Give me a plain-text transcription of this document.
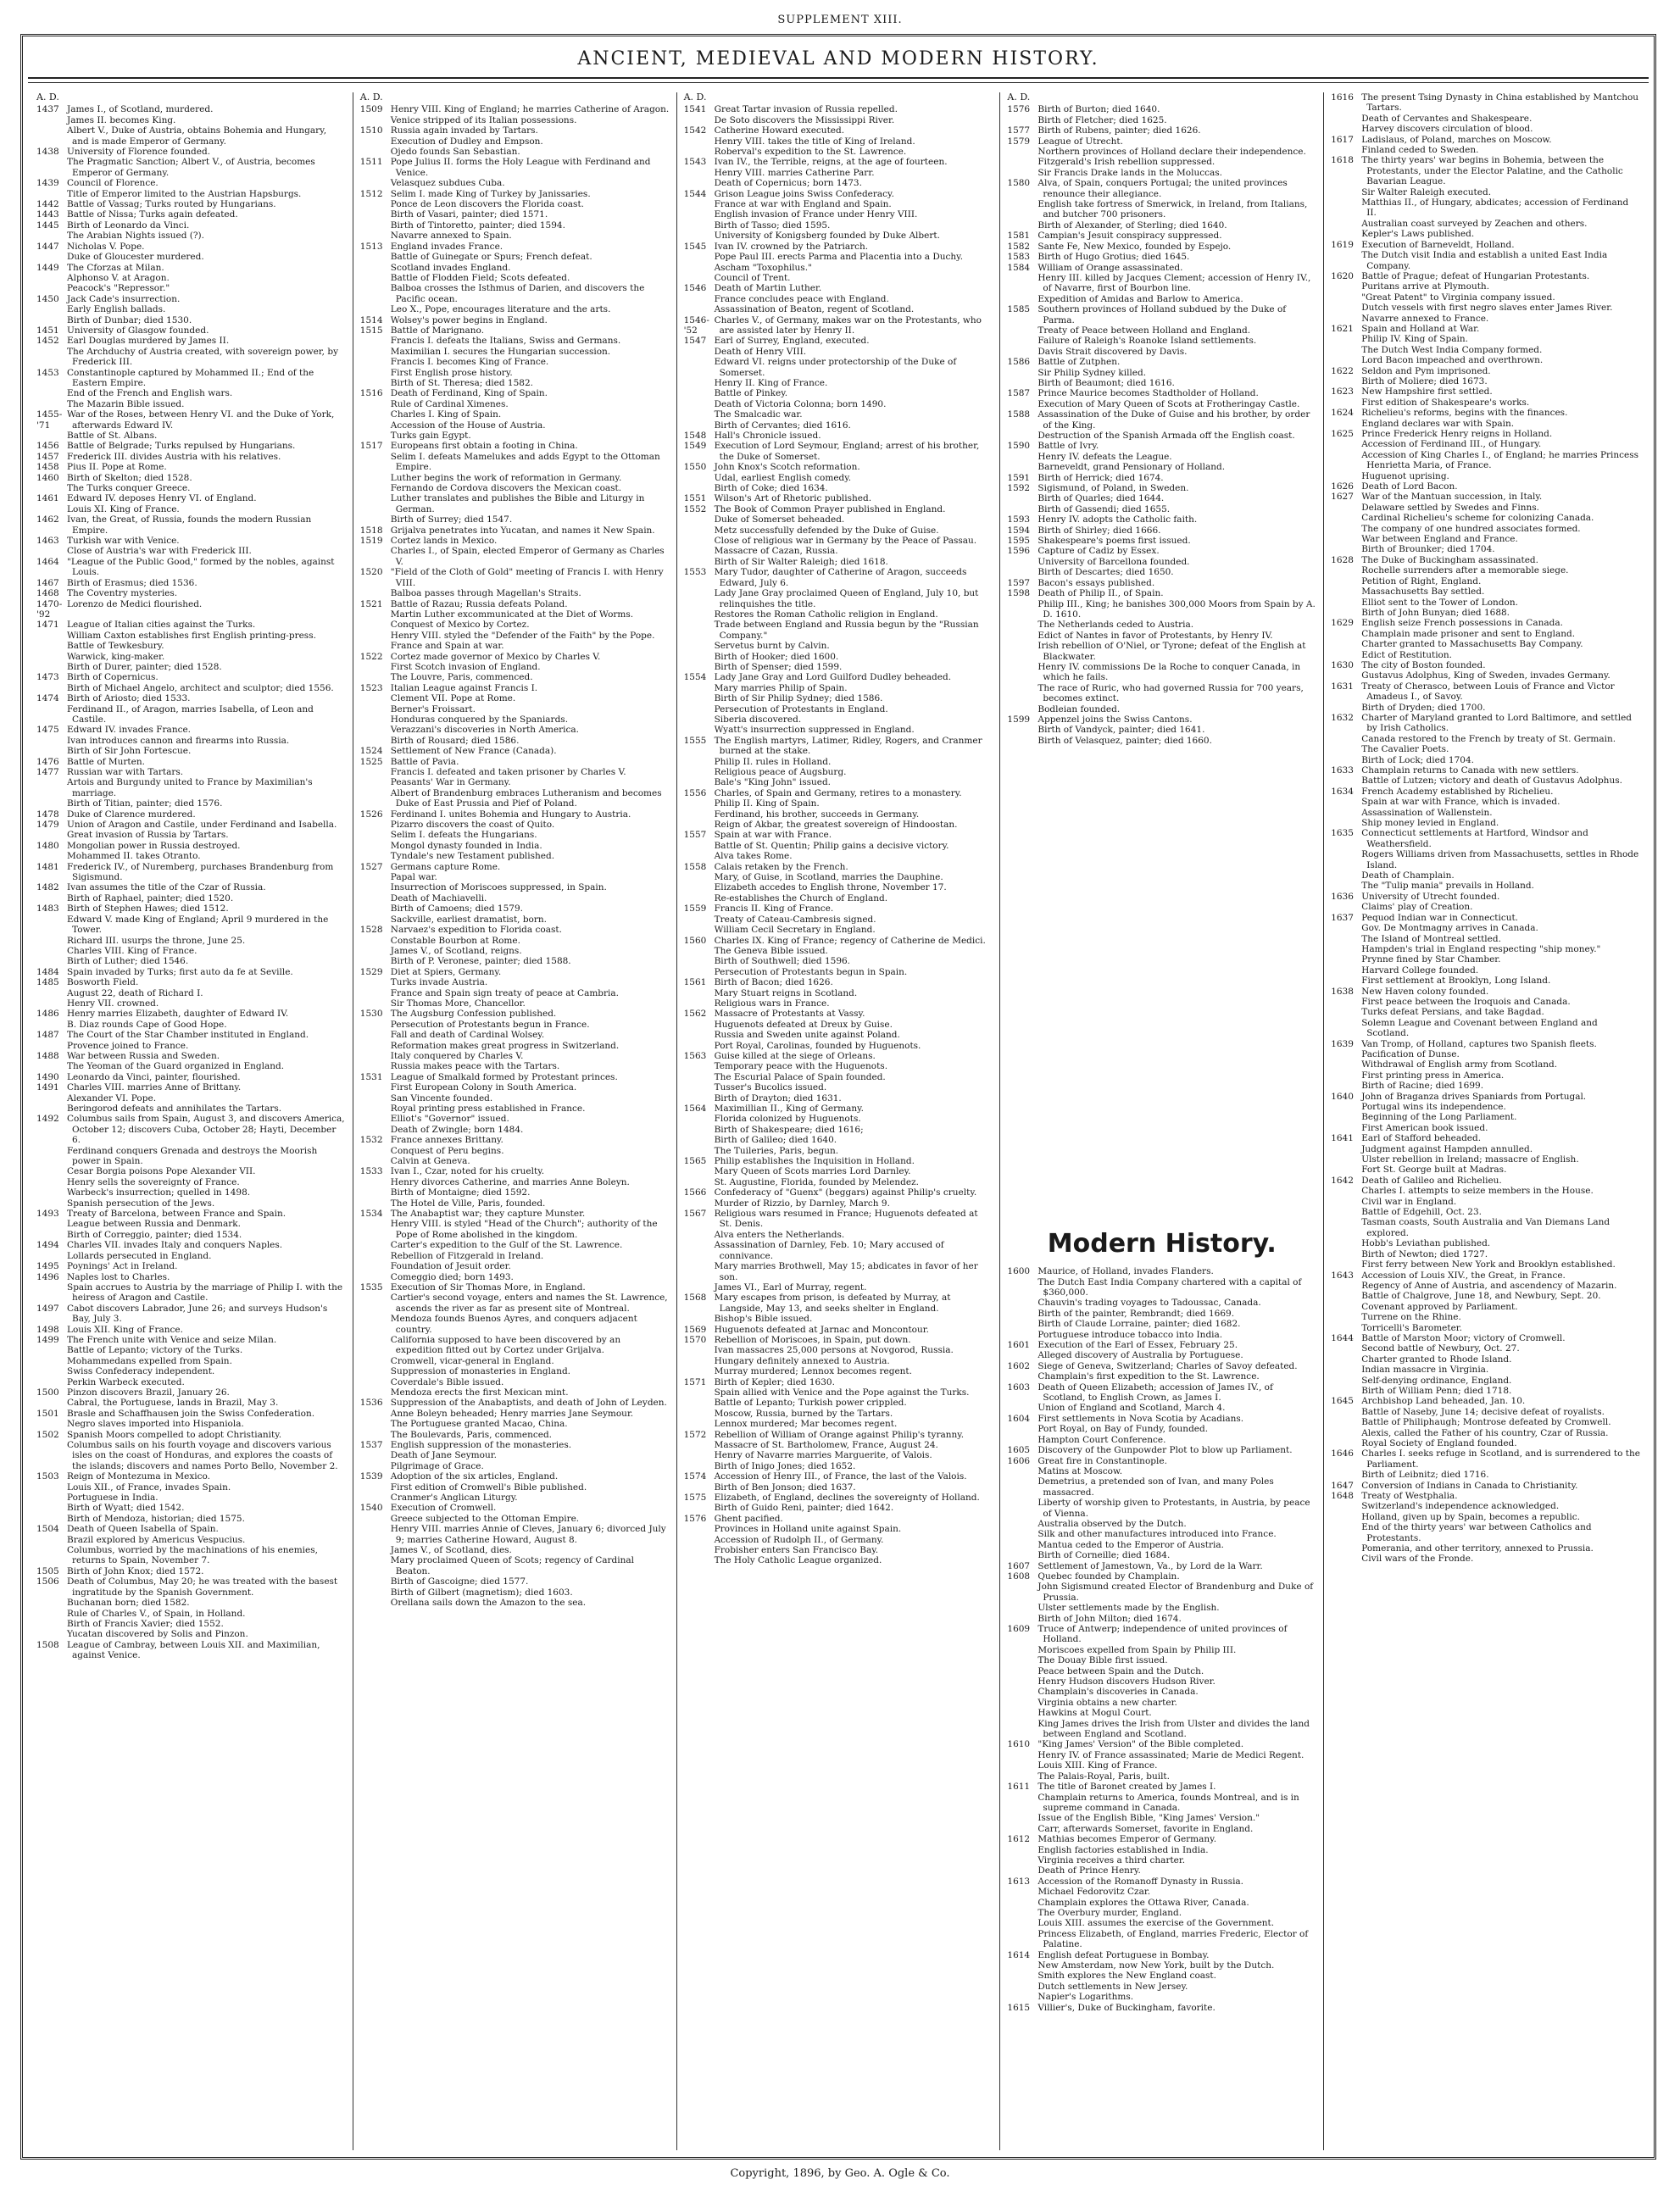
SUPPLEMENT XIII.
ANCIENT, MEDIEVAL AND MODERN HISTORY.
A. D.
1437 James I., of Scotland, murdered.
James II. becomes King.
Albert V., Duke of Austria, obtains Bohemia and Hungary, and is made Emperor of Germany.
1438 University of Florence founded.
The Pragmatic Sanction; Albert V., of Austria, becomes Emperor of Germany.
1439 Council of Florence.
Title of Emperor limited to the Austrian Hapsburgs.
1442 Battle of Vassag; Turks routed by Hungarians.
1443 Battle of Nissa; Turks again defeated.
1445 Birth of Leonardo da Vinci.
The Arabian Nights issued (?).
1447 Nicholas V. Pope.
Duke of Gloucester murdered.
1449 The Cforzas at Milan.
Alphonso V. at Aragon.
Peacock's "Repressor."
1450 Jack Cade's insurrection.
Early English ballads.
Birth of Dunbar; died 1530.
1451 University of Glasgow founded.
1452 Earl Douglas murdered by James II.
The Archduchy of Austria created, with sovereign power, by Frederick III.
1453 Constantinople captured by Mohammed II.; End of the Eastern Empire.
End of the French and English wars.
The Mazarin Bible issued.
1455-'71
War of the Roses, between Henry VI. and the Duke of York, afterwards Edward IV.
Battle of St. Albans.
1456 Battle of Belgrade; Turks repulsed by Hungarians.
1457 Frederick III. divides Austria with his relatives.
1458 Pius II. Pope at Rome.
1460 Birth of Skelton; died 1528.
The Turks conquer Greece.
1461 Edward IV. deposes Henry VI. of England.
Louis XI. King of France.
1462 Ivan, the Great, of Russia, founds the modern Russian Empire.
1463 Turkish war with Venice.
Close of Austria's war with Frederick III.
1464 "League of the Public Good," formed by the nobles, against Louis.
1467 Birth of Erasmus; died 1536.
1468 The Coventry mysteries.
1470-'92
Lorenzo de Medici flourished.
1471 League of Italian cities against the Turks.
William Caxton establishes first English printing-press.
Battle of Tewkesbury.
Warwick, king-maker.
Birth of Durer, painter; died 1528.
1473 Birth of Copernicus.
Birth of Michael Angelo, architect and sculptor; died 1556.
1474 Birth of Ariosto; died 1533.
Ferdinand II., of Aragon, marries Isabella, of Leon and Castile.
1475 Edward IV. invades France.
Ivan introduces cannon and firearms into Russia.
Birth of Sir John Fortescue.
1476 Battle of Murten.
1477 Russian war with Tartars.
Artois and Burgundy united to France by Maximilian's marriage.
Birth of Titian, painter; died 1576.
1478 Duke of Clarence murdered.
1479 Union of Aragon and Castile, under Ferdinand and Isabella.
Great invasion of Russia by Tartars.
1480 Mongolian power in Russia destroyed.
Mohammed II. takes Otranto.
1481 Frederick IV., of Nuremberg, purchases Brandenburg from Sigismund.
1482 Ivan assumes the title of the Czar of Russia.
Birth of Raphael, painter; died 1520.
1483 Birth of Stephen Hawes; died 1512.
Edward V. made King of England; April 9 murdered in the Tower.
Richard III. usurps the throne, June 25.
Charles VIII. King of France.
Birth of Luther; died 1546.
1484 Spain invaded by Turks; first auto da fe at Seville.
1485 Bosworth Field.
August 22, death of Richard I.
Henry VII. crowned.
1486 Henry marries Elizabeth, daughter of Edward IV.
B. Diaz rounds Cape of Good Hope.
1487 The Court of the Star Chamber instituted in England.
Provence joined to France.
1488 War between Russia and Sweden.
The Yeoman of the Guard organized in England.
1490 Leonardo da Vinci, painter, flourished.
1491 Charles VIII. marries Anne of Brittany.
Alexander VI. Pope.
Beringorod defeats and annihilates the Tartars.
1492 Columbus sails from Spain, August 3, and discovers America, October 12; discovers Cuba, October 28; Hayti, December 6.
Ferdinand conquers Grenada and destroys the Moorish power in Spain.
Cesar Borgia poisons Pope Alexander VII.
Henry sells the sovereignty of France.
Warbeck's insurrection; quelled in 1498.
Spanish persecution of the Jews.
1493 Treaty of Barcelona, between France and Spain.
League between Russia and Denmark.
Birth of Correggio, painter; died 1534.
1494 Charles VII. invades Italy and conquers Naples.
Lollards persecuted in England.
1495 Poynings' Act in Ireland.
1496 Naples lost to Charles.
Spain accrues to Austria by the marriage of Philip I. with the heiress of Aragon and Castile.
1497 Cabot discovers Labrador, June 26; and surveys Hudson's Bay, July 3.
1498 Louis XII. King of France.
1499 The French unite with Venice and seize Milan.
Battle of Lepanto; victory of the Turks.
Mohammedans expelled from Spain.
Swiss Confederacy independent.
Perkin Warbeck executed.
1500 Pinzon discovers Brazil, January 26.
Cabral, the Portuguese, lands in Brazil, May 3.
1501 Brasle and Schaffhausen join the Swiss Confederation.
Negro slaves imported into Hispaniola.
1502 Spanish Moors compelled to adopt Christianity.
Columbus sails on his fourth voyage and discovers various isles on the coast of Honduras, and explores the coasts of the islands; discovers and names Porto Bello, November 2.
1503 Reign of Montezuma in Mexico.
Louis XII., of France, invades Spain.
Portuguese in India.
Birth of Wyatt; died 1542.
Birth of Mendoza, historian; died 1575.
1504 Death of Queen Isabella of Spain.
Brazil explored by Americus Vespucius.
Columbus, worried by the machinations of his enemies, returns to Spain, November 7.
1505 Birth of John Knox; died 1572.
1506 Death of Columbus, May 20; he was treated with the basest ingratitude by the Spanish Government.
Buchanan born; died 1582.
Rule of Charles V., of Spain, in Holland.
Birth of Francis Xavier; died 1552.
Yucatan discovered by Solis and Pinzon.
1508 League of Cambray, between Louis XII. and Maximilian, against Venice.
A. D.
1509 Henry VIII. King of England; he marries Catherine of Aragon.
Venice stripped of its Italian possessions.
1510 Russia again invaded by Tartars.
Execution of Dudley and Empson.
Ojedo founds San Sebastian.
1511 Pope Julius II. forms the Holy League with Ferdinand and Venice.
Velasquez subdues Cuba.
1512 Selim I. made King of Turkey by Janissaries.
Ponce de Leon discovers the Florida coast.
Birth of Vasari, painter; died 1571.
Birth of Tintoretto, painter; died 1594.
Navarre annexed to Spain.
1513 England invades France.
Battle of Guinegate or Spurs; French defeat.
Scotland invades England.
Battle of Flodden Field; Scots defeated.
Balboa crosses the Isthmus of Darien, and discovers the Pacific ocean.
Leo X., Pope, encourages literature and the arts.
1514 Wolsey's power begins in England.
1515 Battle of Marignano.
Francis I. defeats the Italians, Swiss and Germans.
Maximilian I. secures the Hungarian succession.
Francis I. becomes King of France.
First English prose history.
Birth of St. Theresa; died 1582.
1516 Death of Ferdinand, King of Spain.
Rule of Cardinal Ximenes.
Charles I. King of Spain.
Accession of the House of Austria.
Turks gain Egypt.
1517 Europeans first obtain a footing in China.
Selim I. defeats Mamelukes and adds Egypt to the Ottoman Empire.
Luther begins the work of reformation in Germany.
Fernando de Cordova discovers the Mexican coast.
Luther translates and publishes the Bible and Liturgy in German.
Birth of Surrey; died 1547.
1518 Grijalva penetrates into Yucatan, and names it New Spain.
1519 Cortez lands in Mexico.
Charles I., of Spain, elected Emperor of Germany as Charles V.
1520 "Field of the Cloth of Gold" meeting of Francis I. with Henry VIII.
Balboa passes through Magellan's Straits.
1521 Battle of Razau; Russia defeats Poland.
Martin Luther excommunicated at the Diet of Worms.
Conquest of Mexico by Cortez.
Henry VIII. styled the "Defender of the Faith" by the Pope.
France and Spain at war.
1522 Cortez made governor of Mexico by Charles V.
First Scotch invasion of England.
The Louvre, Paris, commenced.
1523 Italian League against Francis I.
Clement VII. Pope at Rome.
Berner's Froissart.
Honduras conquered by the Spaniards.
Verazzani's discoveries in North America.
Birth of Rousard; died 1586.
1524 Settlement of New France (Canada).
1525 Battle of Pavia.
Francis I. defeated and taken prisoner by Charles V.
Peasants' War in Germany.
Albert of Brandenburg embraces Lutheranism and becomes Duke of East Prussia and Pief of Poland.
1526 Ferdinand I. unites Bohemia and Hungary to Austria.
Pizarro discovers the coast of Quito.
Selim I. defeats the Hungarians.
Mongol dynasty founded in India.
Tyndale's new Testament published.
1527 Germans capture Rome.
Papal war.
Insurrection of Moriscoes suppressed, in Spain.
Death of Machiavelli.
Birth of Camoens; died 1579.
Sackville, earliest dramatist, born.
1528 Narvaez's expedition to Florida coast.
Constable Bourbon at Rome.
James V., of Scotland, reigns.
Birth of P. Veronese, painter; died 1588.
1529 Diet at Spiers, Germany.
Turks invade Austria.
France and Spain sign treaty of peace at Cambria.
Sir Thomas More, Chancellor.
1530 The Augsburg Confession published.
Persecution of Protestants begun in France.
Fall and death of Cardinal Wolsey.
Reformation makes great progress in Switzerland.
Italy conquered by Charles V.
Russia makes peace with the Tartars.
1531 League of Smalkald formed by Protestant princes.
First European Colony in South America.
San Vincente founded.
Royal printing press established in France.
Elliot's "Governor" issued.
Death of Zwingle; born 1484.
1532 France annexes Brittany.
Conquest of Peru begins.
Calvin at Geneva.
1533 Ivan I., Czar, noted for his cruelty.
Henry divorces Catherine, and marries Anne Boleyn.
Birth of Montaigne; died 1592.
The Hotel de Ville, Paris, founded.
1534 The Anabaptist war; they capture Munster.
Henry VIII. is styled "Head of the Church"; authority of the Pope of Rome abolished in the kingdom.
Carter's expedition to the Gulf of the St. Lawrence.
Rebellion of Fitzgerald in Ireland.
Foundation of Jesuit order.
Comeggio died; born 1493.
1535 Execution of Sir Thomas More, in England.
Cartier's second voyage, enters and names the St. Lawrence, ascends the river as far as present site of Montreal.
Mendoza founds Buenos Ayres, and conquers adjacent country.
California supposed to have been discovered by an expedition fitted out by Cortez under Grijalva.
Cromwell, vicar-general in England.
Suppression of monasteries in England.
Coverdale's Bible issued.
Mendoza erects the first Mexican mint.
1536 Suppression of the Anabaptists, and death of John of Leyden.
Anne Boleyn beheaded; Henry marries Jane Seymour.
The Portuguese granted Macao, China.
The Boulevards, Paris, commenced.
1537 English suppression of the monasteries.
Death of Jane Seymour.
Pilgrimage of Grace.
1539 Adoption of the six articles, England.
First edition of Cromwell's Bible published.
Cranmer's Anglican Liturgy.
1540 Execution of Cromwell.
Greece subjected to the Ottoman Empire.
Henry VIII. marries Annie of Cleves, January 6; divorced July 9; marries Catherine Howard, August 8.
James V., of Scotland, dies.
Mary proclaimed Queen of Scots; regency of Cardinal Beaton.
Birth of Gascoigne; died 1577.
Birth of Gilbert (magnetism); died 1603.
Orellana sails down the Amazon to the sea.
A. D.
1541 Great Tartar invasion of Russia repelled.
De Soto discovers the Mississippi River.
1542 Catherine Howard executed.
Henry VIII. takes the title of King of Ireland.
Roberval's expedition to the St. Lawrence.
1543 Ivan IV., the Terrible, reigns, at the age of fourteen.
Henry VIII. marries Catherine Parr.
Death of Copernicus; born 1473.
1544 Grison League joins Swiss Confederacy.
France at war with England and Spain.
English invasion of France under Henry VIII.
Birth of Tasso; died 1595.
University of Konigsberg founded by Duke Albert.
1545 Ivan IV. crowned by the Patriarch.
Pope Paul III. erects Parma and Placentia into a Duchy.
Ascham "Toxophilus."
Council of Trent.
1546 Death of Martin Luther.
France concludes peace with England.
Assassination of Beaton, regent of Scotland.
1546-'52
Charles V., of Germany, makes war on the Protestants, who are assisted later by Henry II.
1547 Earl of Surrey, England, executed.
Death of Henry VIII.
Edward VI. reigns under protectorship of the Duke of Somerset.
Henry II. King of France.
Battle of Pinkey.
Death of Victoria Colonna; born 1490.
The Smalcadic war.
Birth of Cervantes; died 1616.
1548 Hall's Chronicle issued.
1549 Execution of Lord Seymour, England; arrest of his brother, the Duke of Somerset.
1550 John Knox's Scotch reformation.
Udal, earliest English comedy.
Birth of Coke; died 1634.
1551 Wilson's Art of Rhetoric published.
1552 The Book of Common Prayer published in England.
Duke of Somerset beheaded.
Metz successfully defended by the Duke of Guise.
Close of religious war in Germany by the Peace of Passau.
Massacre of Cazan, Russia.
Birth of Sir Walter Raleigh; died 1618.
1553 Mary Tudor, daughter of Catherine of Aragon, succeeds Edward, July 6.
Lady Jane Gray proclaimed Queen of England, July 10, but relinquishes the title.
Restores the Roman Catholic religion in England.
Trade between England and Russia begun by the "Russian Company."
Servetus burnt by Calvin.
Birth of Hooker; died 1600.
Birth of Spenser; died 1599.
1554 Lady Jane Gray and Lord Guilford Dudley beheaded.
Mary marries Philip of Spain.
Birth of Sir Philip Sydney; died 1586.
Persecution of Protestants in England.
Siberia discovered.
Wyatt's insurrection suppressed in England.
1555 The English martyrs, Latimer, Ridley, Rogers, and Cranmer burned at the stake.
Philip II. rules in Holland.
Religious peace of Augsburg.
Bale's "King John" issued.
1556 Charles, of Spain and Germany, retires to a monastery.
Philip II. King of Spain.
Ferdinand, his brother, succeeds in Germany.
Reign of Akbar, the greatest sovereign of Hindoostan.
1557 Spain at war with France.
Battle of St. Quentin; Philip gains a decisive victory.
Alva takes Rome.
1558 Calais retaken by the French.
Mary, of Guise, in Scotland, marries the Dauphine.
Elizabeth accedes to English throne, November 17.
Re-establishes the Church of England.
1559 Francis II. King of France.
Treaty of Cateau-Cambresis signed.
William Cecil Secretary in England.
1560 Charles IX. King of France; regency of Catherine de Medici.
The Geneva Bible issued.
Birth of Southwell; died 1596.
Persecution of Protestants begun in Spain.
1561 Birth of Bacon; died 1626.
Mary Stuart reigns in Scotland.
Religious wars in France.
1562 Massacre of Protestants at Vassy.
Huguenots defeated at Dreux by Guise.
Russia and Sweden unite against Poland.
Port Royal, Carolinas, founded by Huguenots.
1563 Guise killed at the siege of Orleans.
Temporary peace with the Huguenots.
The Escurial Palace of Spain founded.
Tusser's Bucolics issued.
Birth of Drayton; died 1631.
1564 Maximillian II., King of Germany.
Florida colonized by Huguenots.
Birth of Shakespeare; died 1616;
Birth of Galileo; died 1640.
The Tuileries, Paris, begun.
1565 Philip establishes the Inquisition in Holland.
Mary Queen of Scots marries Lord Darnley.
St. Augustine, Florida, founded by Melendez.
1566 Confederacy of "Guenx" (beggars) against Philip's cruelty.
Murder of Rizzio, by Darnley, March 9.
1567 Religious wars resumed in France; Huguenots defeated at St. Denis.
Alva enters the Netherlands.
Assassination of Darnley, Feb. 10; Mary accused of connivance.
Mary marries Brothwell, May 15; abdicates in favor of her son.
James VI., Earl of Murray, regent.
1568 Mary escapes from prison, is defeated by Murray, at Langside, May 13, and seeks shelter in England.
Bishop's Bible issued.
1569 Huguenots defeated at Jarnac and Moncontour.
1570 Rebellion of Moriscoes, in Spain, put down.
Ivan massacres 25,000 persons at Novgorod, Russia.
Hungary definitely annexed to Austria.
Murray murdered; Lennox becomes regent.
1571 Birth of Kepler; died 1630.
Spain allied with Venice and the Pope against the Turks.
Battle of Lepanto; Turkish power crippled.
Moscow, Russia, burned by the Tartars.
Lennox murdered; Mar becomes regent.
1572 Rebellion of William of Orange against Philip's tyranny.
Massacre of St. Bartholomew, France, August 24.
Henry of Navarre marries Marguerite, of Valois.
Birth of Inigo Jones; died 1652.
1574 Accession of Henry III., of France, the last of the Valois.
Birth of Ben Jonson; died 1637.
1575 Elizabeth, of England, declines the sovereignty of Holland.
Birth of Guido Reni, painter; died 1642.
1576 Ghent pacified.
Provinces in Holland unite against Spain.
Accession of Rudolph II., of Germany.
Frobisher enters San Francisco Bay.
The Holy Catholic League organized.
A. D.
1576 Birth of Burton; died 1640.
Birth of Fletcher; died 1625.
1577 Birth of Rubens, painter; died 1626.
1579 League of Utrecht.
Northern provinces of Holland declare their independence.
Fitzgerald's Irish rebellion suppressed.
Sir Francis Drake lands in the Moluccas.
1580 Alva, of Spain, conquers Portugal; the united provinces renounce their allegiance.
English take fortress of Smerwick, in Ireland, from Italians, and butcher 700 prisoners.
Birth of Alexander, of Sterling; died 1640.
1581 Campian's Jesuit conspiracy suppressed.
1582 Sante Fe, New Mexico, founded by Espejo.
1583 Birth of Hugo Grotius; died 1645.
1584 William of Orange assassinated.
Henry III. killed by Jacques Clement; accession of Henry IV., of Navarre, first of Bourbon line.
Expedition of Amidas and Barlow to America.
1585 Southern provinces of Holland subdued by the Duke of Parma.
Treaty of Peace between Holland and England.
Failure of Raleigh's Roanoke Island settlements.
Davis Strait discovered by Davis.
1586 Battle of Zutphen.
Sir Philip Sydney killed.
Birth of Beaumont; died 1616.
1587 Prince Maurice becomes Stadtholder of Holland.
Execution of Mary Queen of Scots at Frotheringay Castle.
1588 Assassination of the Duke of Guise and his brother, by order of the King.
Destruction of the Spanish Armada off the English coast.
1590 Battle of Ivry.
Henry IV. defeats the League.
Barneveldt, grand Pensionary of Holland.
1591 Birth of Herrick; died 1674.
1592 Sigismund, of Poland, in Sweden.
Birth of Quarles; died 1644.
Birth of Gassendi; died 1655.
1593 Henry IV. adopts the Catholic faith.
1594 Birth of Shirley; died 1666.
1595 Shakespeare's poems first issued.
1596 Capture of Cadiz by Essex.
University of Barcellona founded.
Birth of Descartes; died 1650.
1597 Bacon's essays published.
1598 Death of Philip II., of Spain.
Philip III., King; he banishes 300,000 Moors from Spain by A. D. 1610.
The Netherlands ceded to Austria.
Edict of Nantes in favor of Protestants, by Henry IV.
Irish rebellion of O'Niel, or Tyrone; defeat of the English at Blackwater.
Henry IV. commissions De la Roche to conquer Canada, in which he fails.
The race of Ruric, who had governed Russia for 700 years, becomes extinct.
Bodleian founded.
1599 Appenzel joins the Swiss Cantons.
Birth of Vandyck, painter; died 1641.
Birth of Velasquez, painter; died 1660.
Modern History.
1600 Maurice, of Holland, invades Flanders.
The Dutch East India Company chartered with a capital of $360,000.
Chauvin's trading voyages to Tadoussac, Canada.
Birth of the painter, Rembrandt; died 1669.
Birth of Claude Lorraine, painter; died 1682.
Portuguese introduce tobacco into India.
1601 Execution of the Earl of Essex, February 25.
Alleged discovery of Australia by Portuguese.
1602 Siege of Geneva, Switzerland; Charles of Savoy defeated.
Champlain's first expedition to the St. Lawrence.
1603 Death of Queen Elizabeth; accession of James IV., of Scotland, to English Crown, as James I.
Union of England and Scotland, March 4.
1604 First settlements in Nova Scotia by Acadians.
Port Royal, on Bay of Fundy, founded.
Hampton Court Conference.
1605 Discovery of the Gunpowder Plot to blow up Parliament.
1606 Great fire in Constantinople.
Matins at Moscow.
Demetrius, a pretended son of Ivan, and many Poles massacred.
Liberty of worship given to Protestants, in Austria, by peace of Vienna.
Australia observed by the Dutch.
Silk and other manufactures introduced into France.
Mantua ceded to the Emperor of Austria.
Birth of Corneille; died 1684.
1607 Settlement of Jamestown, Va., by Lord de la Warr.
1608 Quebec founded by Champlain.
John Sigismund created Elector of Brandenburg and Duke of Prussia.
Ulster settlements made by the English.
Birth of John Milton; died 1674.
1609 Truce of Antwerp; independence of united provinces of Holland.
Moriscoes expelled from Spain by Philip III.
The Douay Bible first issued.
Peace between Spain and the Dutch.
Henry Hudson discovers Hudson River.
Champlain's discoveries in Canada.
Virginia obtains a new charter.
Hawkins at Mogul Court.
King James drives the Irish from Ulster and divides the land between England and Scotland.
1610 "King James' Version" of the Bible completed.
Henry IV. of France assassinated; Marie de Medici Regent.
Louis XIII. King of France.
The Palais-Royal, Paris, built.
1611 The title of Baronet created by James I.
Champlain returns to America, founds Montreal, and is in supreme command in Canada.
Issue of the English Bible, "King James' Version."
Carr, afterwards Somerset, favorite in England.
1612 Mathias becomes Emperor of Germany.
English factories established in India.
Virginia receives a third charter.
Death of Prince Henry.
1613 Accession of the Romanoff Dynasty in Russia.
Michael Fedorovitz Czar.
Champlain explores the Ottawa River, Canada.
The Overbury murder, England.
Louis XIII. assumes the exercise of the Government.
Princess Elizabeth, of England, marries Frederic, Elector of Palatine.
1614 English defeat Portuguese in Bombay.
New Amsterdam, now New York, built by the Dutch.
Smith explores the New England coast.
Dutch settlements in New Jersey.
Napier's Logarithms.
1615 Villier's, Duke of Buckingham, favorite.
1616 The present Tsing Dynasty in China established by Mantchou Tartars.
Death of Cervantes and Shakespeare.
Harvey discovers circulation of blood.
1617 Ladislaus, of Poland, marches on Moscow.
Finland ceded to Sweden.
1618 The thirty years' war begins in Bohemia, between the Protestants, under the Elector Palatine, and the Catholic Bavarian League.
Sir Walter Raleigh executed.
Matthias II., of Hungary, abdicates; accession of Ferdinand II.
Australian coast surveyed by Zeachen and others.
Kepler's Laws published.
1619 Execution of Barneveldt, Holland.
The Dutch visit India and establish a united East India Company.
1620 Battle of Prague; defeat of Hungarian Protestants.
Puritans arrive at Plymouth.
"Great Patent" to Virginia company issued.
Dutch vessels with first negro slaves enter James River.
Navarre annexed to France.
1621 Spain and Holland at War.
Philip IV. King of Spain.
The Dutch West India Company formed.
Lord Bacon impeached and overthrown.
1622 Seldon and Pym imprisoned.
Birth of Moliere; died 1673.
1623 New Hampshire first settled.
First edition of Shakespeare's works.
1624 Richelieu's reforms, begins with the finances.
England declares war with Spain.
1625 Prince Frederick Henry reigns in Holland.
Accession of Ferdinand III., of Hungary.
Accession of King Charles I., of England; he marries Princess Henrietta Maria, of France.
Huguenot uprising.
1626 Death of Lord Bacon.
1627 War of the Mantuan succession, in Italy.
Delaware settled by Swedes and Finns.
Cardinal Richelieu's scheme for colonizing Canada.
The company of one hundred associates formed.
War between England and France.
Birth of Brounker; died 1704.
1628 The Duke of Buckingham assassinated.
Rochelle surrenders after a memorable siege.
Petition of Right, England.
Massachusetts Bay settled.
Elliot sent to the Tower of London.
Birth of John Bunyan; died 1688.
1629 English seize French possessions in Canada.
Champlain made prisoner and sent to England.
Charter granted to Massachusetts Bay Company.
Edict of Restitution.
1630 The city of Boston founded.
Gustavus Adolphus, King of Sweden, invades Germany.
1631 Treaty of Cherasco, between Louis of France and Victor Amadeus I., of Savoy.
Birth of Dryden; died 1700.
1632 Charter of Maryland granted to Lord Baltimore, and settled by Irish Catholics.
Canada restored to the French by treaty of St. Germain.
The Cavalier Poets.
Birth of Lock; died 1704.
1633 Champlain returns to Canada with new settlers.
Battle of Lutzen; victory and death of Gustavus Adolphus.
1634 French Academy established by Richelieu.
Spain at war with France, which is invaded.
Assassination of Wallenstein.
Ship money levied in England.
1635 Connecticut settlements at Hartford, Windsor and Weathersfield.
Rogers Williams driven from Massachusetts, settles in Rhode Island.
Death of Champlain.
The "Tulip mania" prevails in Holland.
1636 University of Utrecht founded.
Claims' play of Creation.
1637 Pequod Indian war in Connecticut.
Gov. De Montmagny arrives in Canada.
The Island of Montreal settled.
Hampden's trial in England respecting "ship money."
Prynne fined by Star Chamber.
Harvard College founded.
First settlement at Brooklyn, Long Island.
1638 New Haven colony founded.
First peace between the Iroquois and Canada.
Turks defeat Persians, and take Bagdad.
Solemn League and Covenant between England and Scotland.
1639 Van Tromp, of Holland, captures two Spanish fleets.
Pacification of Dunse.
Withdrawal of English army from Scotland.
First printing press in America.
Birth of Racine; died 1699.
1640 John of Braganza drives Spaniards from Portugal.
Portugal wins its independence.
Beginning of the Long Parliament.
First American book issued.
1641 Earl of Stafford beheaded.
Judgment against Hampden annulled.
Ulster rebellion in Ireland; massacre of English.
Fort St. George built at Madras.
1642 Death of Galileo and Richelieu.
Charles I. attempts to seize members in the House.
Civil war in England.
Battle of Edgehill, Oct. 23.
Tasman coasts, South Australia and Van Diemans Land explored.
Hobb's Leviathan published.
Birth of Newton; died 1727.
First ferry between New York and Brooklyn established.
1643 Accession of Louis XIV., the Great, in France.
Regency of Anne of Austria, and ascendency of Mazarin.
Battle of Chalgrove, June 18, and Newbury, Sept. 20.
Covenant approved by Parliament.
Turrene on the Rhine.
Torricelli's Barometer.
1644 Battle of Marston Moor; victory of Cromwell.
Second battle of Newbury, Oct. 27.
Charter granted to Rhode Island.
Indian massacre in Virginia.
Self-denying ordinance, England.
Birth of William Penn; died 1718.
1645 Archbishop Land beheaded, Jan. 10.
Battle of Naseby, June 14; decisive defeat of royalists.
Battle of Philiphaugh; Montrose defeated by Cromwell.
Alexis, called the Father of his country, Czar of Russia.
Royal Society of England founded.
1646 Charles I. seeks refuge in Scotland, and is surrendered to the Parliament.
Birth of Leibnitz; died 1716.
1647 Conversion of Indians in Canada to Christianity.
1648 Treaty of Westphalia.
Switzerland's independence acknowledged.
Holland, given up by Spain, becomes a republic.
End of the thirty years' war between Catholics and Protestants.
Pomerania, and other territory, annexed to Prussia.
Civil wars of the Fronde.
Copyright, 1896, by Geo. A. Ogle & Co.
